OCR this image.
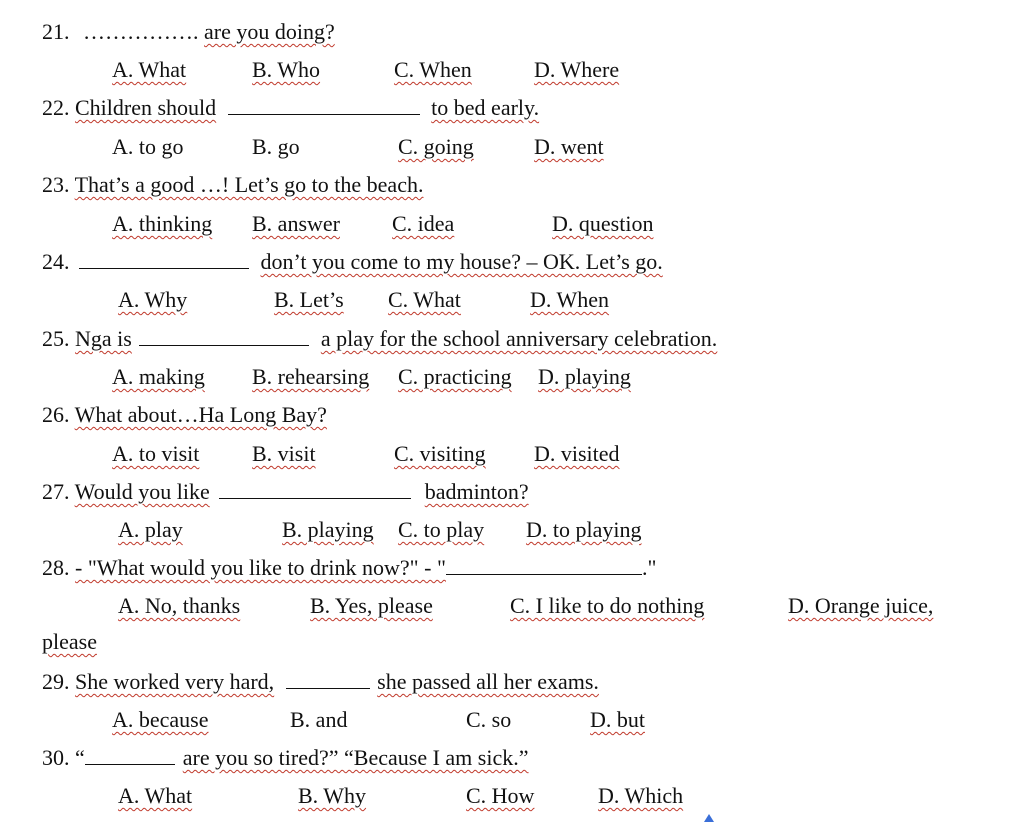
21. ……………. are you doing?
A. What	B. Who	C. When	D. Where
22. Children should	to bed early.
A. to go	B. go	C. going	D. went
23. That’s a good …! Let’s go to the beach.
A. thinking B. answer C. idea	D. question
24.	don’t you come to my house? – OK. Let’s go.
A. Why	B. Let’s C. What	D. When
25. Nga is	a play for the school anniversary celebration.
A. making B. rehearsing C. practicing D. playing
26. What about…Ha Long Bay?
A. to visit B. visit	C. visiting D. visited
27. Would you like	badminton?
A. play	B. playing C. to play D. to playing
28. - "What would you like to drink now?" - "	."
A. No, thanks	B. Yes, please	C. I like to do nothing	D. Orange juice,
please
29. She worked very hard,	she passed all her exams.
A. because	B. and	C. so	D. but
30. “	are you so tired?” “Because I am sick.”
A. What	B. Why	C. How	D. Which
